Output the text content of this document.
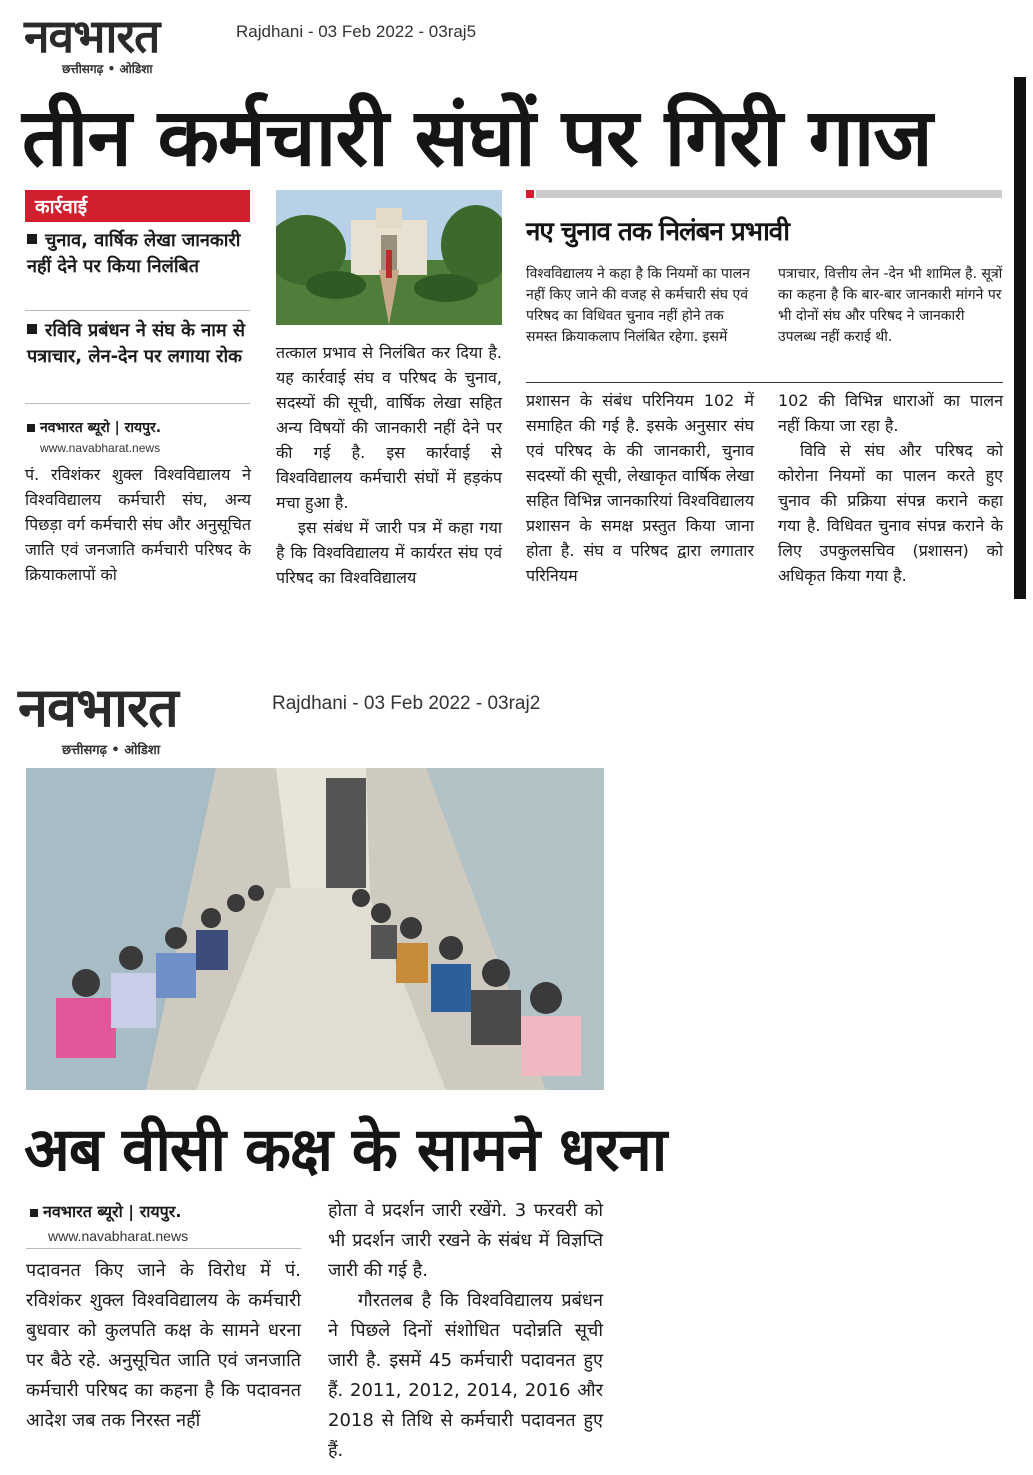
नवभारत
छत्तीसगढ़ • ओडिशा
Rajdhani - 03 Feb 2022 - 03raj5
तीन कर्मचारी संघों पर गिरी गाज
कार्रवाई
चुनाव, वार्षिक लेखा जानकारी नहीं देने पर किया निलंबित
रविवि प्रबंधन ने संघ के नाम से पत्राचार, लेन-देन पर लगाया रोक
नवभारत ब्यूरो | रायपुर.
www.navabharat.news
पं. रविशंकर शुक्ल विश्वविद्यालय ने विश्वविद्यालय कर्मचारी संघ, अन्य पिछड़ा वर्ग कर्मचारी संघ और अनुसूचित जाति एवं जनजाति कर्मचारी परिषद के क्रियाकलापों को
तत्काल प्रभाव से निलंबित कर दिया है. यह कार्रवाई संघ व परिषद के चुनाव, सदस्यों की सूची, वार्षिक लेखा सहित अन्य विषयों की जानकारी नहीं देने पर की गई है. इस कार्रवाई से विश्वविद्यालय कर्मचारी संघों में हड़कंप मचा हुआ है.
इस संबंध में जारी पत्र में कहा गया है कि विश्वविद्यालय में कार्यरत संघ एवं परिषद का विश्वविद्यालय
नए चुनाव तक निलंबन प्रभावी
विश्वविद्यालय ने कहा है कि नियमों का पालन नहीं किए जाने की वजह से कर्मचारी संघ एवं परिषद का विधिवत चुनाव नहीं होने तक समस्त क्रियाकलाप निलंबित रहेगा. इसमें
पत्राचार, वित्तीय लेन -देन भी शामिल है. सूत्रों का कहना है कि बार-बार जानकारी मांगने पर भी दोनों संघ और परिषद ने जानकारी उपलब्ध नहीं कराई थी.
प्रशासन के संबंध परिनियम 102 में समाहित की गई है. इसके अनुसार संघ एवं परिषद के की जानकारी, चुनाव सदस्यों की सूची, लेखाकृत वार्षिक लेखा सहित विभिन्न जानकारियां विश्वविद्यालय प्रशासन के समक्ष प्रस्तुत किया जाना होता है. संघ व परिषद द्वारा लगातार परिनियम
102 की विभिन्न धाराओं का पालन नहीं किया जा रहा है.
विवि से संघ और परिषद को कोरोना नियमों का पालन करते हुए चुनाव की प्रक्रिया संपन्न कराने कहा गया है. विधिवत चुनाव संपन्न कराने के लिए उपकुलसचिव (प्रशासन) को अधिकृत किया गया है.
नवभारत
छत्तीसगढ़ • ओडिशा
Rajdhani - 03 Feb 2022 - 03raj2
अब वीसी कक्ष के सामने धरना
नवभारत ब्यूरो | रायपुर.
www.navabharat.news
पदावनत किए जाने के विरोध में पं. रविशंकर शुक्ल विश्वविद्यालय के कर्मचारी बुधवार को कुलपति कक्ष के सामने धरना पर बैठे रहे. अनुसूचित जाति एवं जनजाति कर्मचारी परिषद का कहना है कि पदावनत आदेश जब तक निरस्त नहीं
होता वे प्रदर्शन जारी रखेंगे. 3 फरवरी को भी प्रदर्शन जारी रखने के संबंध में विज्ञप्ति जारी की गई है.
गौरतलब है कि विश्वविद्यालय प्रबंधन ने पिछले दिनों संशोधित पदोन्नति सूची जारी है. इसमें 45 कर्मचारी पदावनत हुए हैं. 2011, 2012, 2014, 2016 और 2018 से तिथि से कर्मचारी पदावनत हुए हैं.
